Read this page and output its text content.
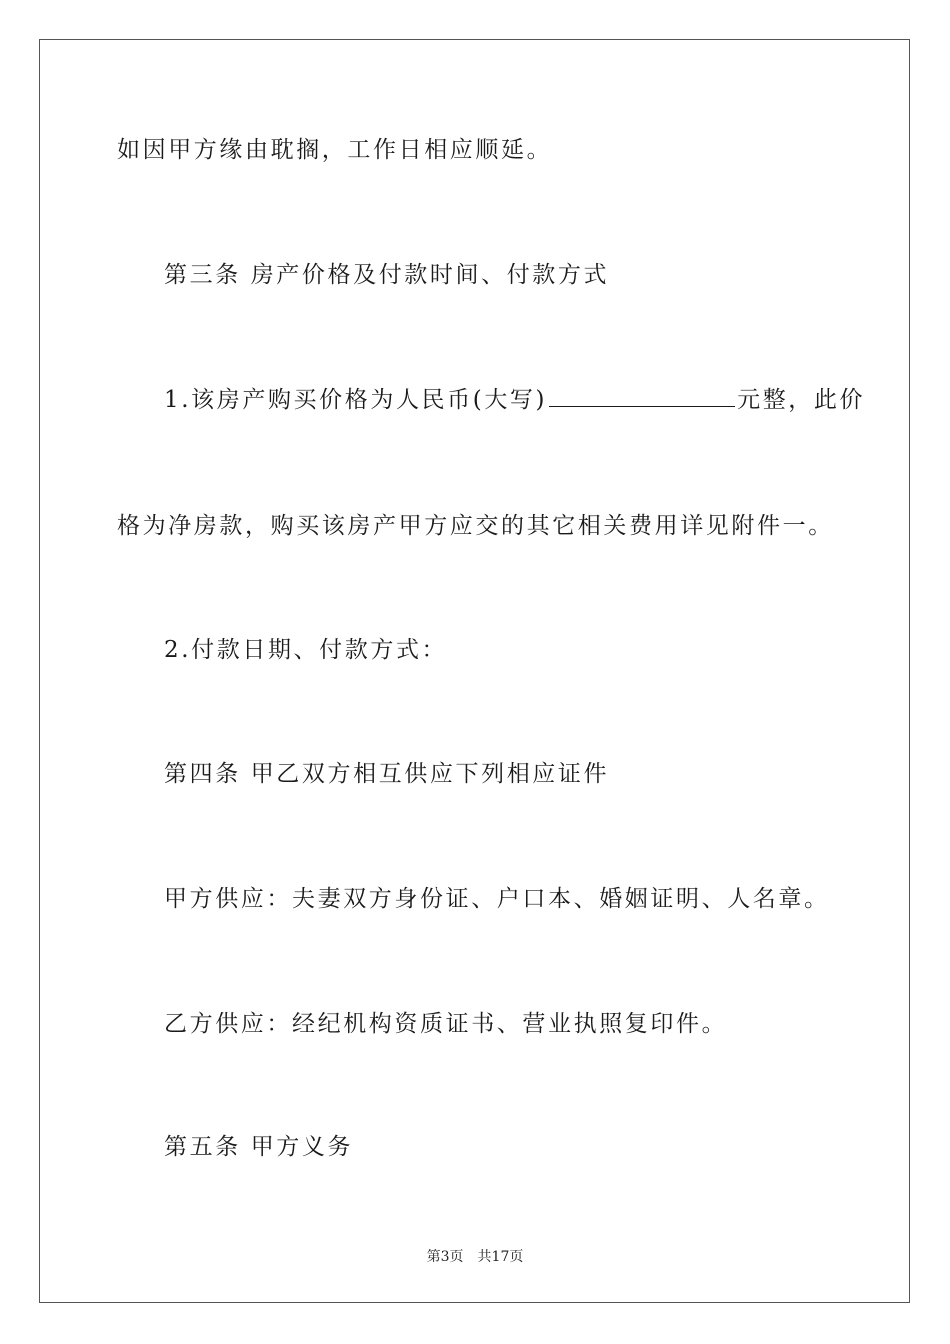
如因甲方缘由耽搁，工作日相应顺延。
第三条 房产价格及付款时间、付款方式
1.该房产购买价格为人民币(大写)	元整，此价
格为净房款，购买该房产甲方应交的其它相关费用详见附件一。
2.付款日期、付款方式：
第四条 甲乙双方相互供应下列相应证件
甲方供应：夫妻双方身份证、户口本、婚姻证明、人名章。
乙方供应：经纪机构资质证书、营业执照复印件。
第五条 甲方义务
第3页 共17页
